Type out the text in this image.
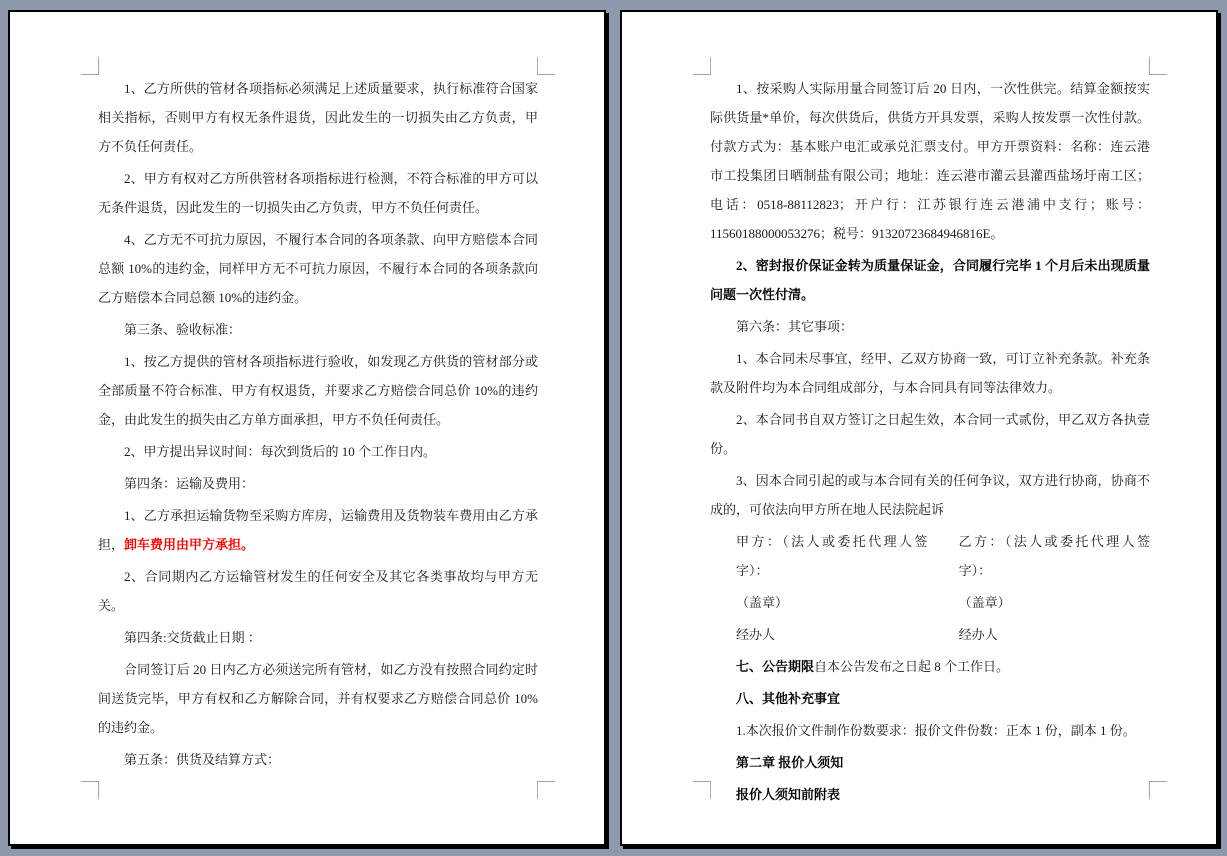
1、乙方所供的管材各项指标必须满足上述质量要求，执行标准符合国家相关指标，否则甲方有权无条件退货，因此发生的一切损失由乙方负责，甲方不负任何责任。

2、甲方有权对乙方所供管材各项指标进行检测，不符合标准的甲方可以无条件退货，因此发生的一切损失由乙方负责，甲方不负任何责任。

4、乙方无不可抗力原因，不履行本合同的各项条款、向甲方赔偿本合同总额 10%的违约金，同样甲方无不可抗力原因，不履行本合同的各项条款向乙方赔偿本合同总额 10%的违约金。

第三条、验收标准：

1、按乙方提供的管材各项指标进行验收，如发现乙方供货的管材部分或全部质量不符合标准、甲方有权退货，并要求乙方赔偿合同总价 10%的违约金，由此发生的损失由乙方单方面承担，甲方不负任何责任。

2、甲方提出异议时间：每次到货后的 10 个工作日内。

第四条：运输及费用：

1、乙方承担运输货物至采购方库房，运输费用及货物装车费用由乙方承担，卸车费用由甲方承担。

2、合同期内乙方运输管材发生的任何安全及其它各类事故均与甲方无关。

第四条:交货截止日期 ：

合同签订后 20 日内乙方必须送完所有管材，如乙方没有按照合同约定时间送货完毕，甲方有权和乙方解除合同，并有权要求乙方赔偿合同总价 10%的违约金。

第五条：供货及结算方式：

1、按采购人实际用量合同签订后 20 日内，一次性供完。结算金额按实际供货量*单价，每次供货后，供货方开具发票，采购人按发票一次性付款。付款方式为：基本账户电汇或承兑汇票支付。甲方开票资料：名称：连云港市工投集团日晒制盐有限公司；地址：连云港市灌云县灌西盐场圩南工区；电话：0518-88112823；开户行：江苏银行连云港浦中支行；账号：11560188000053276；税号：91320723684946816E。

2、密封报价保证金转为质量保证金，合同履行完毕 1 个月后未出现质量问题一次性付清。

第六条：其它事项：

1、本合同未尽事宜，经甲、乙双方协商一致，可订立补充条款。补充条款及附件均为本合同组成部分，与本合同具有同等法律效力。

2、本合同书自双方签订之日起生效，本合同一式贰份，甲乙双方各执壹份。

3、因本合同引起的或与本合同有关的任何争议，双方进行协商，协商不成的，可依法向甲方所在地人民法院起诉

甲方：（法人或委托代理人签字）：
乙方：（法人或委托代理人签字）：
（盖章）	（盖章）
经办人	经办人

七、公告期限自本公告发布之日起 8 个工作日。

八、其他补充事宜

1.本次报价文件制作份数要求：报价文件份数：正本 1 份，副本 1 份。

第二章 报价人须知

报价人须知前附表
